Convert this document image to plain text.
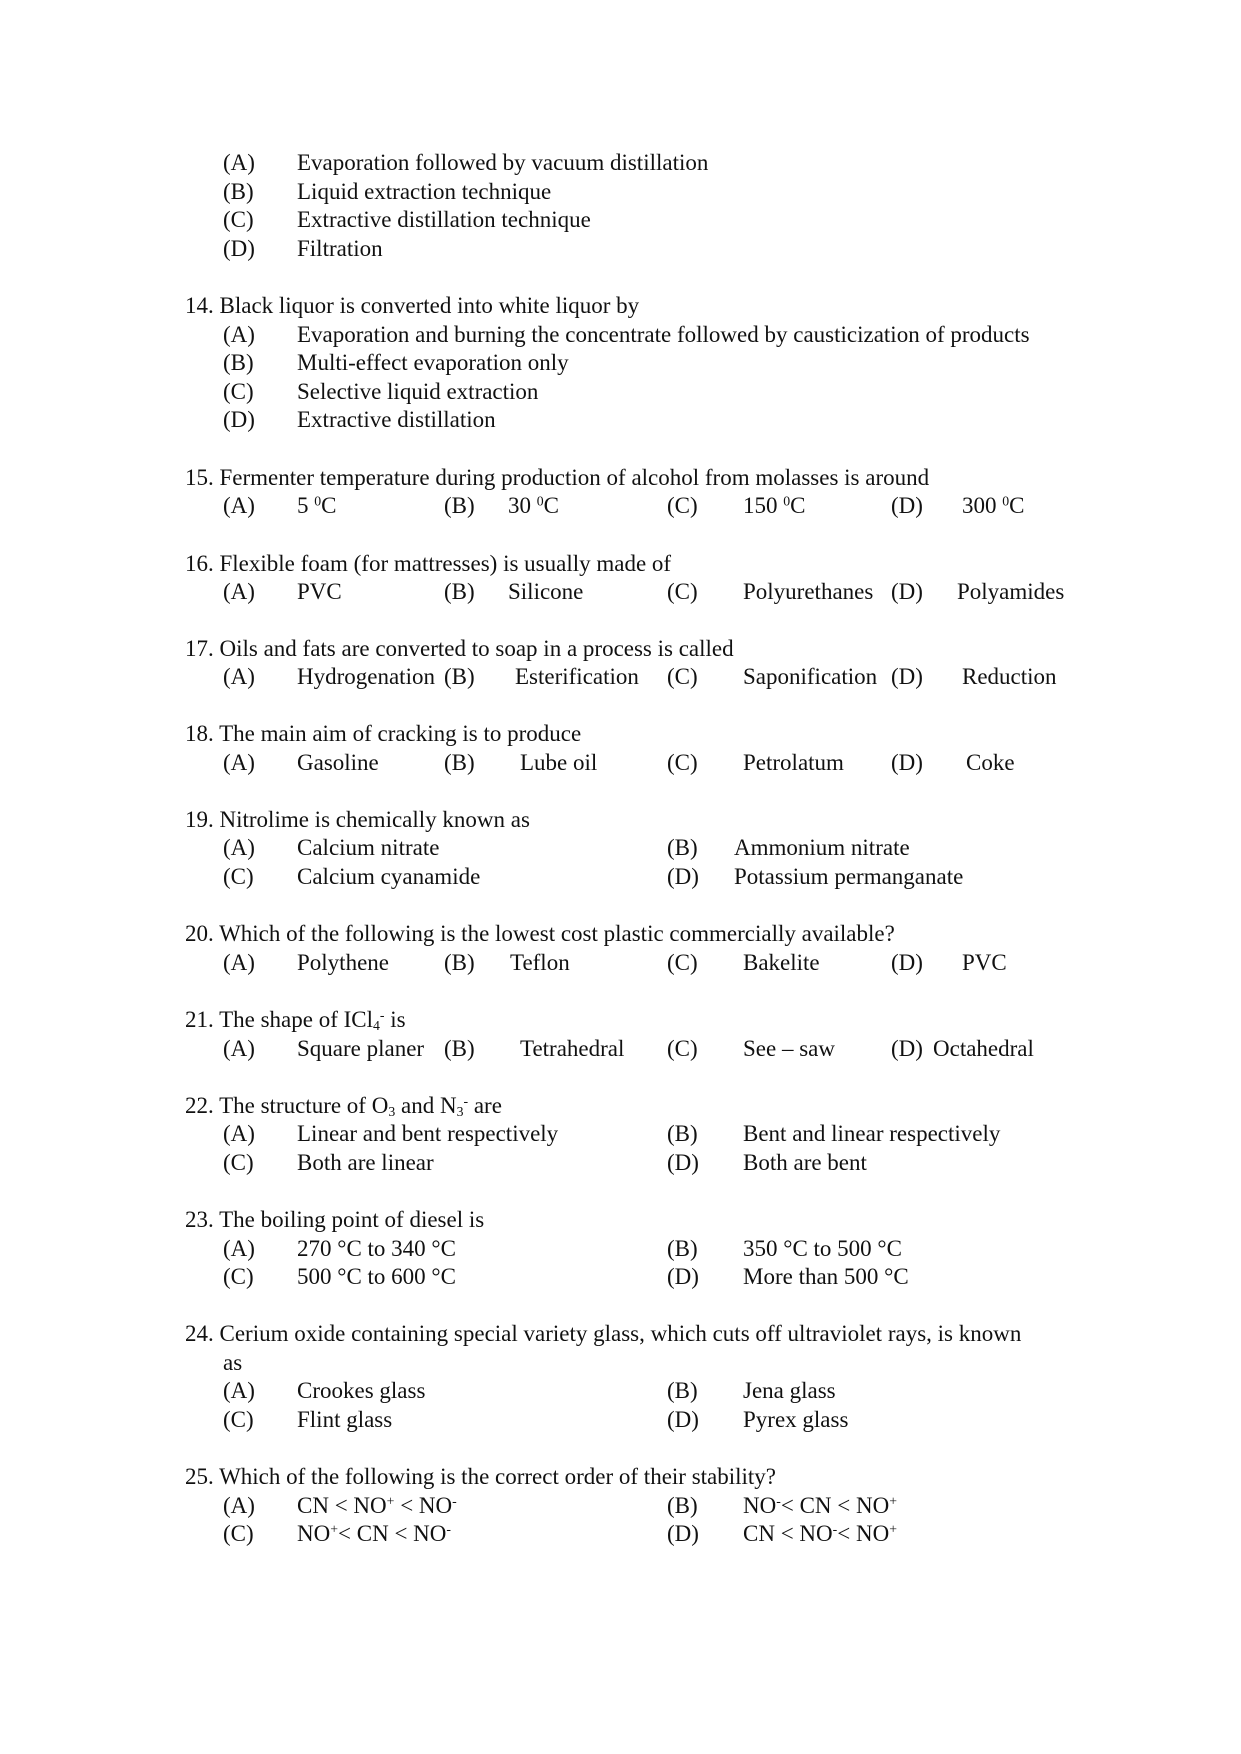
(A) Evaporation followed by vacuum distillation
(B) Liquid extraction technique
(C) Extractive distillation technique
(D) Filtration
14. Black liquor is converted into white liquor by
(A) Evaporation and burning the concentrate followed by causticization of products
(B) Multi-effect evaporation only
(C) Selective liquid extraction
(D) Extractive distillation
15. Fermenter temperature during production of alcohol from molasses is around
(A) 5 $^0$C	(B) 30 $^0$C	(C) 150 $^0$C	(D) 300 $^0$C
16. Flexible foam (for mattresses) is usually made of
(A) PVC	(B) Silicone	(C) Polyurethanes (D) Polyamides
17. Oils and fats are converted to soap in a process is called
(A) Hydrogenation (B) Esterification (C) Saponification (D) Reduction
18. The main aim of cracking is to produce
(A) Gasoline	(B) Lube oil	(C) Petrolatum (D) Coke
19. Nitrolime is chemically known as
(A) Calcium nitrate	(B) Ammonium nitrate
(C) Calcium cyanamide	(D) Potassium permanganate
20. Which of the following is the lowest cost plastic commercially available?
(A) Polythene (B) Teflon	(C) Bakelite	(D) PVC
21. The shape of ICl$_4$- is
(A) Square planer (B) Tetrahedral (C) See – saw (D) Octahedral
22. The structure of $O_3$ and $N_3^-$ are
(A) Linear and bent respectively	(B) Bent and linear respectively
(C) Both are linear	(D) Both are bent
23. The boiling point of diesel is
(A) 270 °C to 340 °C	(B) 350 °C to 500 °C
(C) 500 °C to 600 °C	(D) More than 500 °C
24. Cerium oxide containing special variety glass, which cuts off ultraviolet rays, is known
as
(A) Crookes glass	(B) Jena glass
(C) Flint glass	(D) Pyrex glass
25. Which of the following is the correct order of their stability?
(A) CN < NO+ < NO-	(B) NO-< CN < NO+
(C) NO+< CN < NO-	(D) CN < NO-< NO+
